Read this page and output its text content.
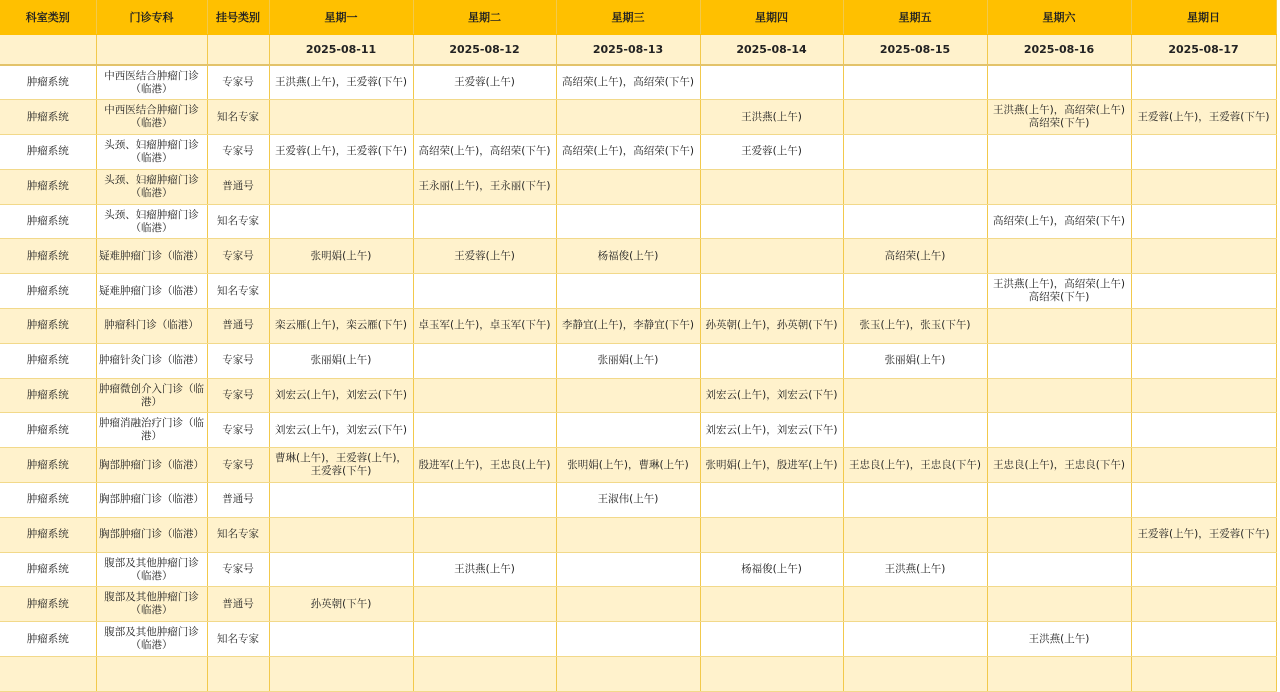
科室类别	门诊专科	挂号类别	星期一	星期二	星期三	星期四	星期五	星期六	星期日
			2025-08-11	2025-08-12	2025-08-13	2025-08-14	2025-08-15	2025-08-16	2025-08-17
肿瘤系统	中西医结合肿瘤门诊（临港）	专家号	王洪燕(上午)，王爱蓉(下午)	王爱蓉(上午)	高绍荣(上午)，高绍荣(下午)				
肿瘤系统	中西医结合肿瘤门诊（临港）	知名专家				王洪燕(上午)		王洪燕(上午)，高绍荣(上午) 高绍荣(下午)	王爱蓉(上午)，王爱蓉(下午)
肿瘤系统	头颈、妇瘤肿瘤门诊（临港）	专家号	王爱蓉(上午)，王爱蓉(下午)	高绍荣(上午)，高绍荣(下午)	高绍荣(上午)，高绍荣(下午)	王爱蓉(上午)			
肿瘤系统	头颈、妇瘤肿瘤门诊（临港）	普通号		王永丽(上午)，王永丽(下午)					
肿瘤系统	头颈、妇瘤肿瘤门诊（临港）	知名专家						高绍荣(上午)，高绍荣(下午)	
肿瘤系统	疑难肿瘤门诊（临港）	专家号	张明娟(上午)	王爱蓉(上午)	杨福俊(上午)		高绍荣(上午)		
肿瘤系统	疑难肿瘤门诊（临港）	知名专家						王洪燕(上午)，高绍荣(上午) 高绍荣(下午)	
肿瘤系统	肿瘤科门诊（临港）	普通号	栾云雁(上午)，栾云雁(下午)	卓玉军(上午)，卓玉军(下午)	李静宜(上午)，李静宜(下午)	孙英朝(上午)，孙英朝(下午)	张玉(上午)，张玉(下午)		
肿瘤系统	肿瘤针灸门诊（临港）	专家号	张丽娟(上午)		张丽娟(上午)		张丽娟(上午)		
肿瘤系统	肿瘤微创介入门诊（临港）	专家号	刘宏云(上午)，刘宏云(下午)			刘宏云(上午)，刘宏云(下午)			
肿瘤系统	肿瘤消融治疗门诊（临港）	专家号	刘宏云(上午)，刘宏云(下午)			刘宏云(上午)，刘宏云(下午)			
肿瘤系统	胸部肿瘤门诊（临港）	专家号	曹琳(上午)，王爱蓉(上午)，王爱蓉(下午)	殷进军(上午)，王忠良(上午)	张明娟(上午)，曹琳(上午)	张明娟(上午)，殷进军(上午)	王忠良(上午)，王忠良(下午)	王忠良(上午)，王忠良(下午)	
肿瘤系统	胸部肿瘤门诊（临港）	普通号			王淑伟(上午)				
肿瘤系统	胸部肿瘤门诊（临港）	知名专家							王爱蓉(上午)，王爱蓉(下午)
肿瘤系统	腹部及其他肿瘤门诊（临港）	专家号		王洪燕(上午)		杨福俊(上午)	王洪燕(上午)		
肿瘤系统	腹部及其他肿瘤门诊（临港）	普通号	孙英朝(下午)						
肿瘤系统	腹部及其他肿瘤门诊（临港）	知名专家						王洪燕(上午)	
